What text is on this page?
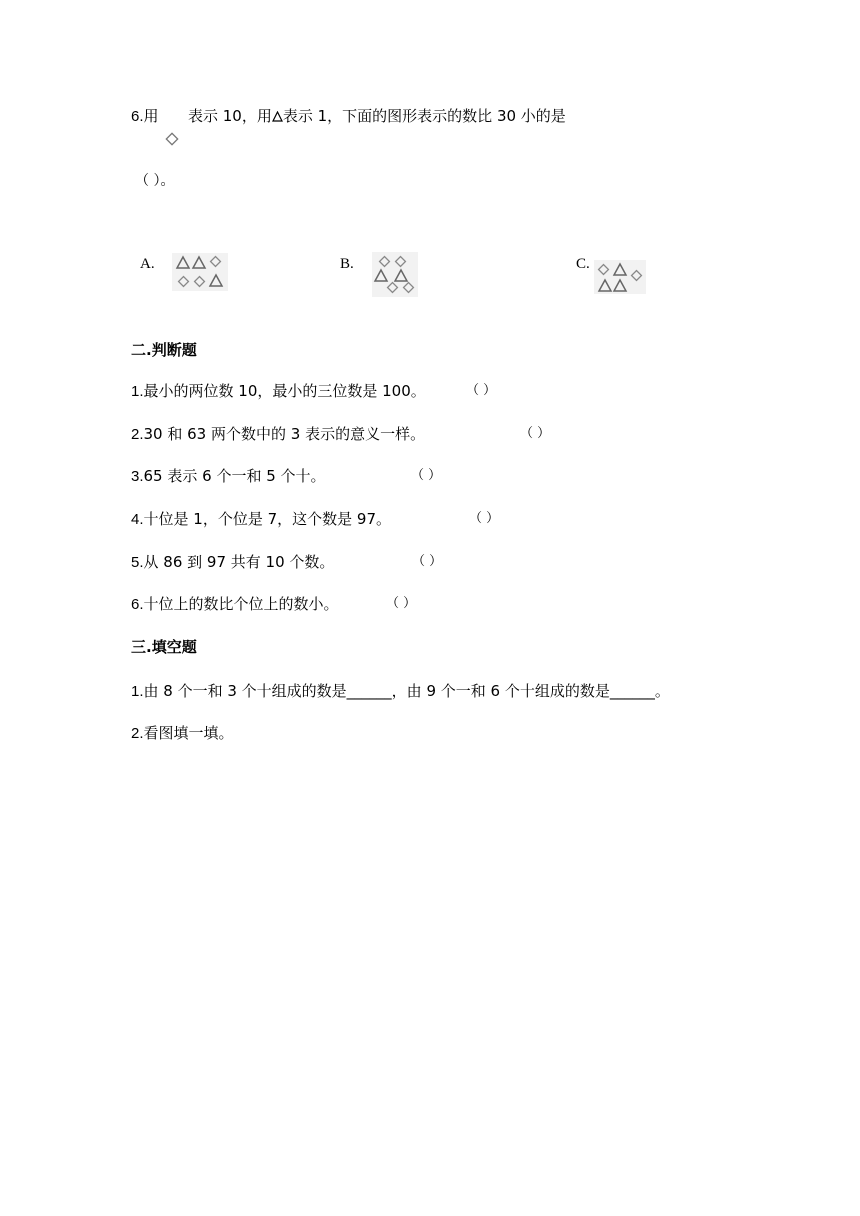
6.用 表示 10，用 表示 1，下面的图形表示的数比 30 小的是
（ ）。
A.	B.	C.
二.判断题
1.最小的两位数 10，最小的三位数是 100。	（ ）
2.30 和 63 两个数中的 3 表示的意义一样。	（ ）
3.65 表示 6 个一和 5 个十。	（ ）
4.十位是 1，个位是 7，这个数是 97。	（ ）
5.从 86 到 97 共有 10 个数。	（ ）
6.十位上的数比个位上的数小。	（ ）
三.填空题
1.由 8 个一和 3 个十组成的数是______，由 9 个一和 6 个十组成的数是______。
2.看图填一填。
